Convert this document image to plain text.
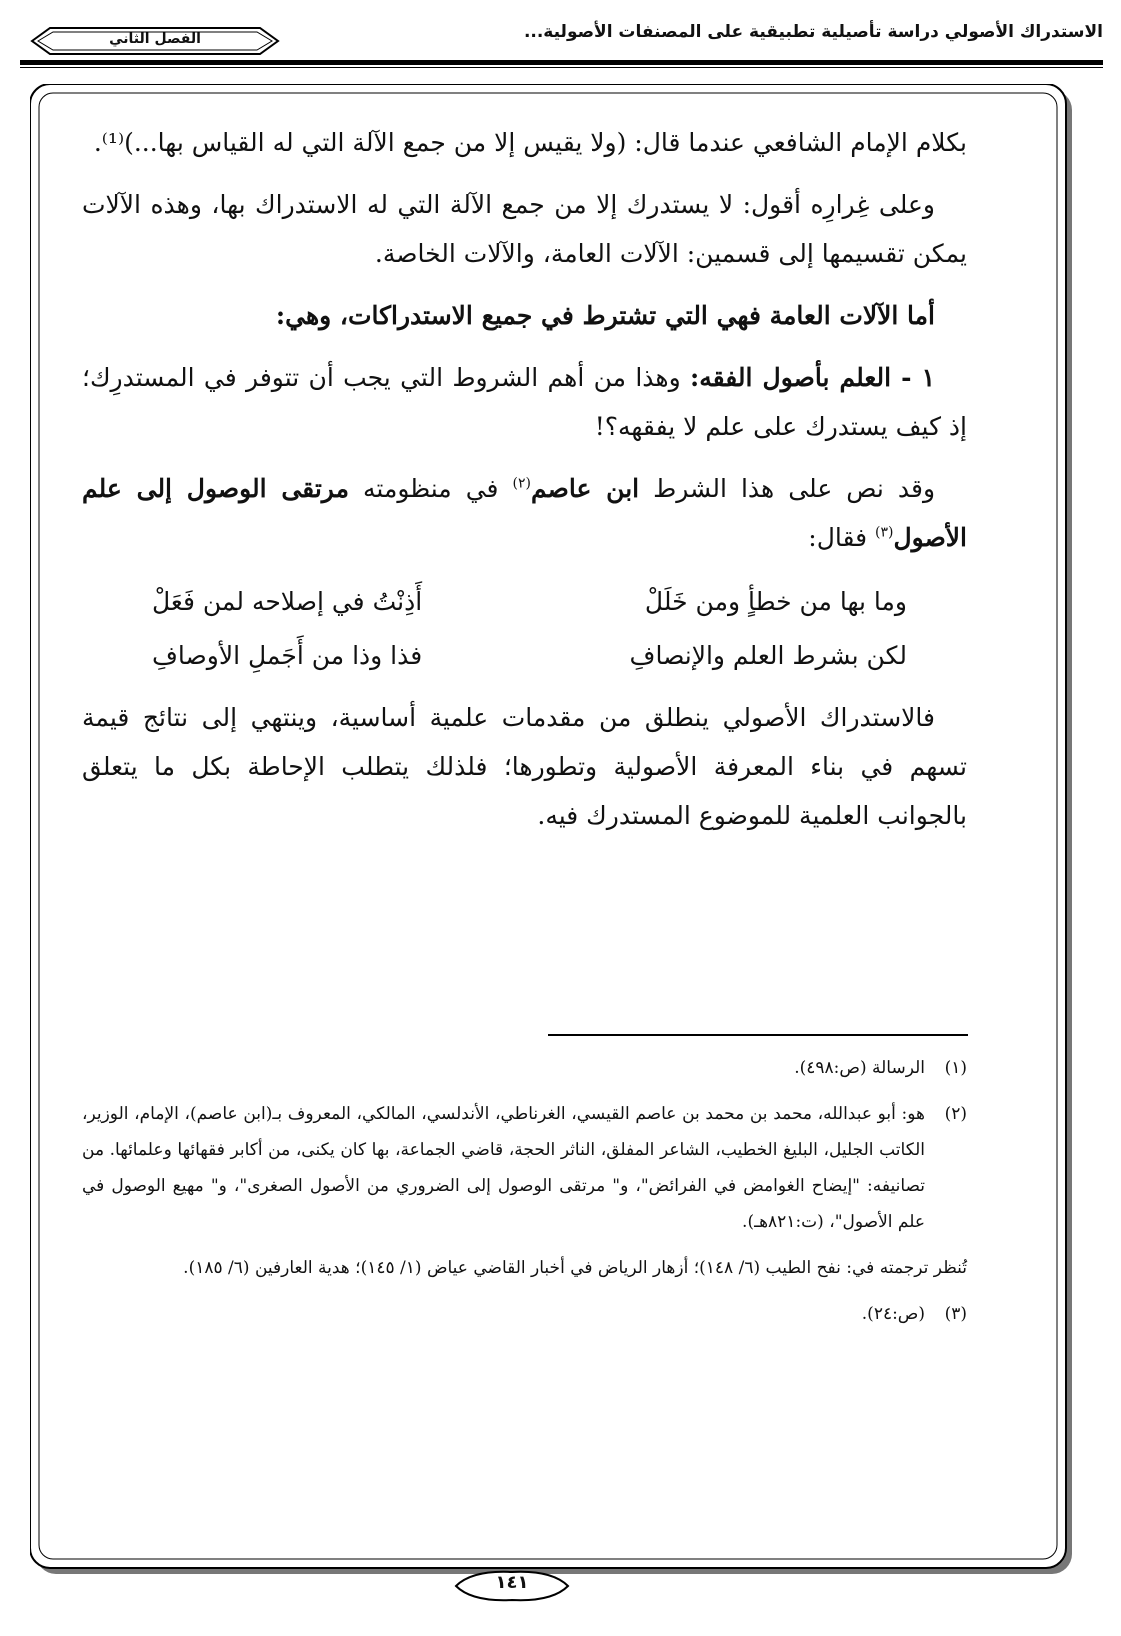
الاستدراك الأصولي دراسة تأصيلية تطبيقية على المصنفات الأصولية...
الفصل الثاني

بكلام الإمام الشافعي عندما قال: (ولا يقيس إلا من جمع الآلة التي له القياس بها...)⁽¹⁾.

وعلى غِرارِه أقول: لا يستدرك إلا من جمع الآلة التي له الاستدراك بها، وهذه الآلات يمكن تقسيمها إلى قسمين: الآلات العامة، والآلات الخاصة.

أما الآلات العامة فهي التي تشترط في جميع الاستدراكات، وهي:

١ - العلم بأصول الفقه: وهذا من أهم الشروط التي يجب أن تتوفر في المستدرِك؛ إذ كيف يستدرك على علم لا يفقهه؟!

وقد نص على هذا الشرط ابن عاصم$^{(٢)}$ في منظومته مرتقى الوصول إلى علم الأصول$^{(٣)}$ فقال:

وما بها من خطأٍ ومن خَلَلْ
أَذِنْتُ في إصلاحه لمن فَعَلْ
لكن بشرط العلم والإنصافِ
فذا وذا من أَجَملِ الأوصافِ

فالاستدراك الأصولي ينطلق من مقدمات علمية أساسية، وينتهي إلى نتائج قيمة تسهم في بناء المعرفة الأصولية وتطورها؛ فلذلك يتطلب الإحاطة بكل ما يتعلق بالجوانب العلمية للموضوع المستدرك فيه.

(١)
الرسالة (ص:٤٩٨).
(٢)
هو: أبو عبدالله، محمد بن محمد بن عاصم القيسي، الغرناطي، الأندلسي، المالكي، المعروف بـ(ابن عاصم)، الإمام، الوزير، الكاتب الجليل، البليغ الخطيب، الشاعر المفلق، الناثر الحجة، قاضي الجماعة، بها كان يكنى، من أكابر فقهائها وعلمائها. من تصانيفه: "إيضاح الغوامض في الفرائض"، و" مرتقى الوصول إلى الضروري من الأصول الصغرى"، و" مهيع الوصول في علم الأصول"، (ت:٨٢١هـ).
تُنظر ترجمته في: نفح الطيب (٦/ ١٤٨)؛ أزهار الرياض في أخبار القاضي عياض (١/ ١٤٥)؛ هدية العارفين (٦/ ١٨٥).
(٣)
(ص:٢٤).
١٤١
